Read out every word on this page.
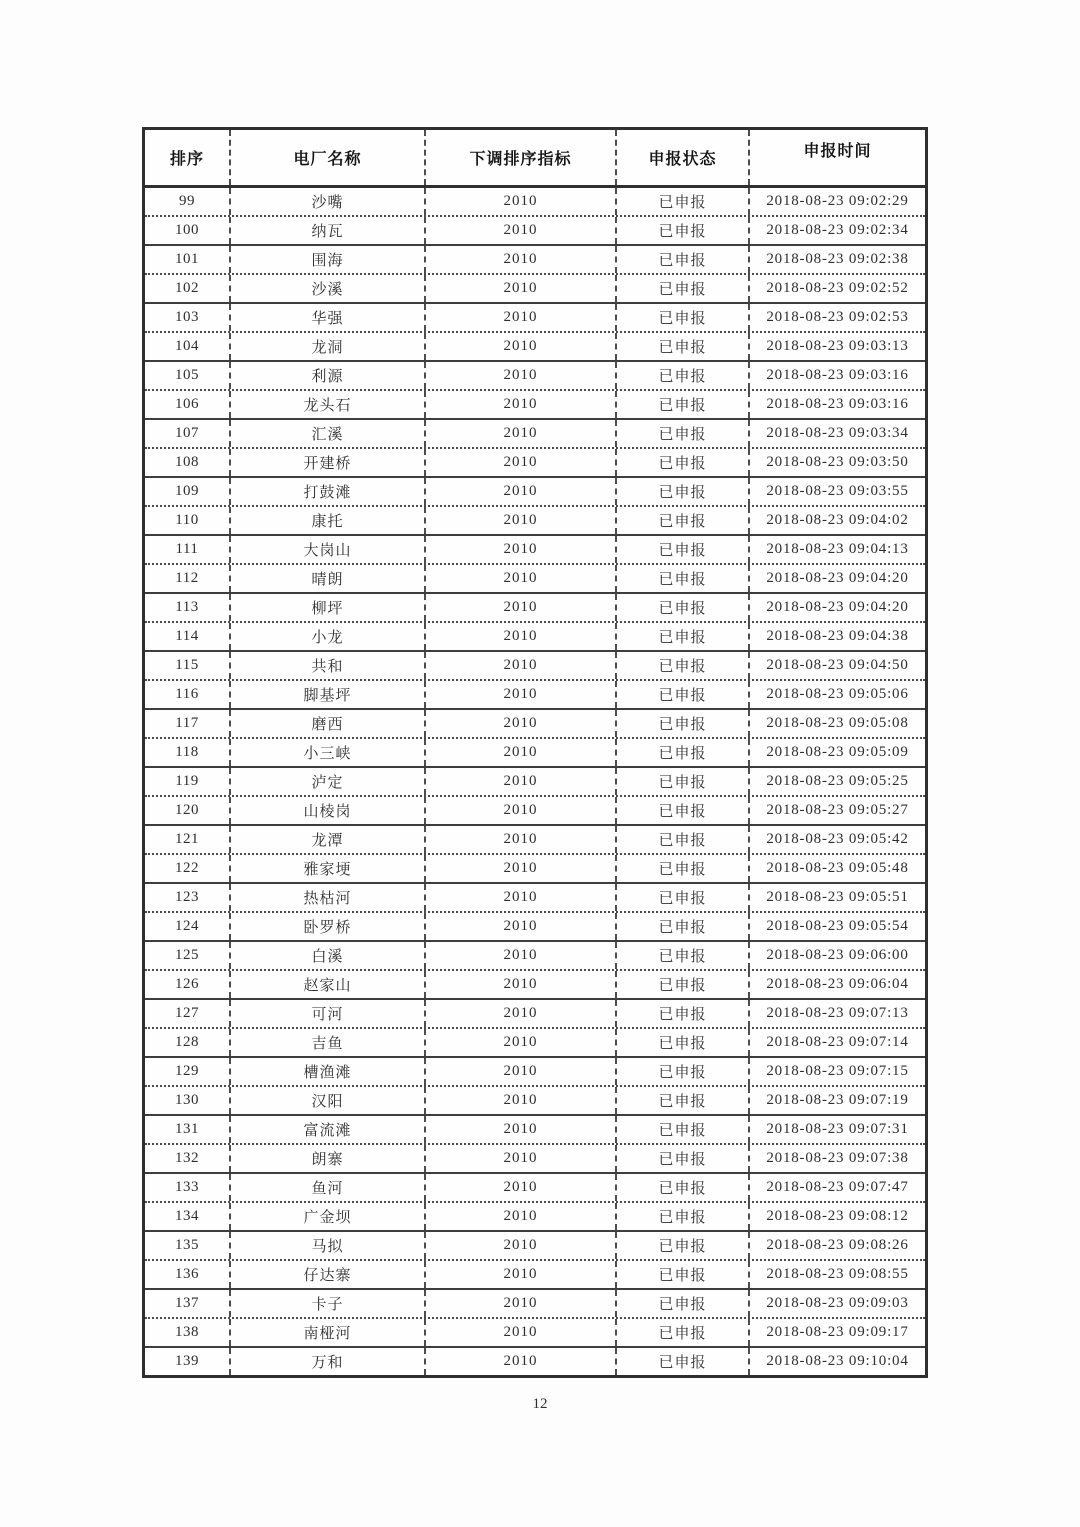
排序	电厂名称	下调排序指标	申报状态	申报时间
99	沙嘴	2010	已申报	2018-08-23 09:02:29
100	纳瓦	2010	已申报	2018-08-23 09:02:34
101	围海	2010	已申报	2018-08-23 09:02:38
102	沙溪	2010	已申报	2018-08-23 09:02:52
103	华强	2010	已申报	2018-08-23 09:02:53
104	龙洞	2010	已申报	2018-08-23 09:03:13
105	利源	2010	已申报	2018-08-23 09:03:16
106	龙头石	2010	已申报	2018-08-23 09:03:16
107	汇溪	2010	已申报	2018-08-23 09:03:34
108	开建桥	2010	已申报	2018-08-23 09:03:50
109	打鼓滩	2010	已申报	2018-08-23 09:03:55
110	康托	2010	已申报	2018-08-23 09:04:02
111	大岗山	2010	已申报	2018-08-23 09:04:13
112	晴朗	2010	已申报	2018-08-23 09:04:20
113	柳坪	2010	已申报	2018-08-23 09:04:20
114	小龙	2010	已申报	2018-08-23 09:04:38
115	共和	2010	已申报	2018-08-23 09:04:50
116	脚基坪	2010	已申报	2018-08-23 09:05:06
117	磨西	2010	已申报	2018-08-23 09:05:08
118	小三峡	2010	已申报	2018-08-23 09:05:09
119	泸定	2010	已申报	2018-08-23 09:05:25
120	山棱岗	2010	已申报	2018-08-23 09:05:27
121	龙潭	2010	已申报	2018-08-23 09:05:42
122	雅家埂	2010	已申报	2018-08-23 09:05:48
123	热枯河	2010	已申报	2018-08-23 09:05:51
124	卧罗桥	2010	已申报	2018-08-23 09:05:54
125	白溪	2010	已申报	2018-08-23 09:06:00
126	赵家山	2010	已申报	2018-08-23 09:06:04
127	可河	2010	已申报	2018-08-23 09:07:13
128	吉鱼	2010	已申报	2018-08-23 09:07:14
129	槽渔滩	2010	已申报	2018-08-23 09:07:15
130	汉阳	2010	已申报	2018-08-23 09:07:19
131	富流滩	2010	已申报	2018-08-23 09:07:31
132	朗寨	2010	已申报	2018-08-23 09:07:38
133	鱼河	2010	已申报	2018-08-23 09:07:47
134	广金坝	2010	已申报	2018-08-23 09:08:12
135	马拟	2010	已申报	2018-08-23 09:08:26
136	仔达寨	2010	已申报	2018-08-23 09:08:55
137	卡子	2010	已申报	2018-08-23 09:09:03
138	南桠河	2010	已申报	2018-08-23 09:09:17
139	万和	2010	已申报	2018-08-23 09:10:04
12
